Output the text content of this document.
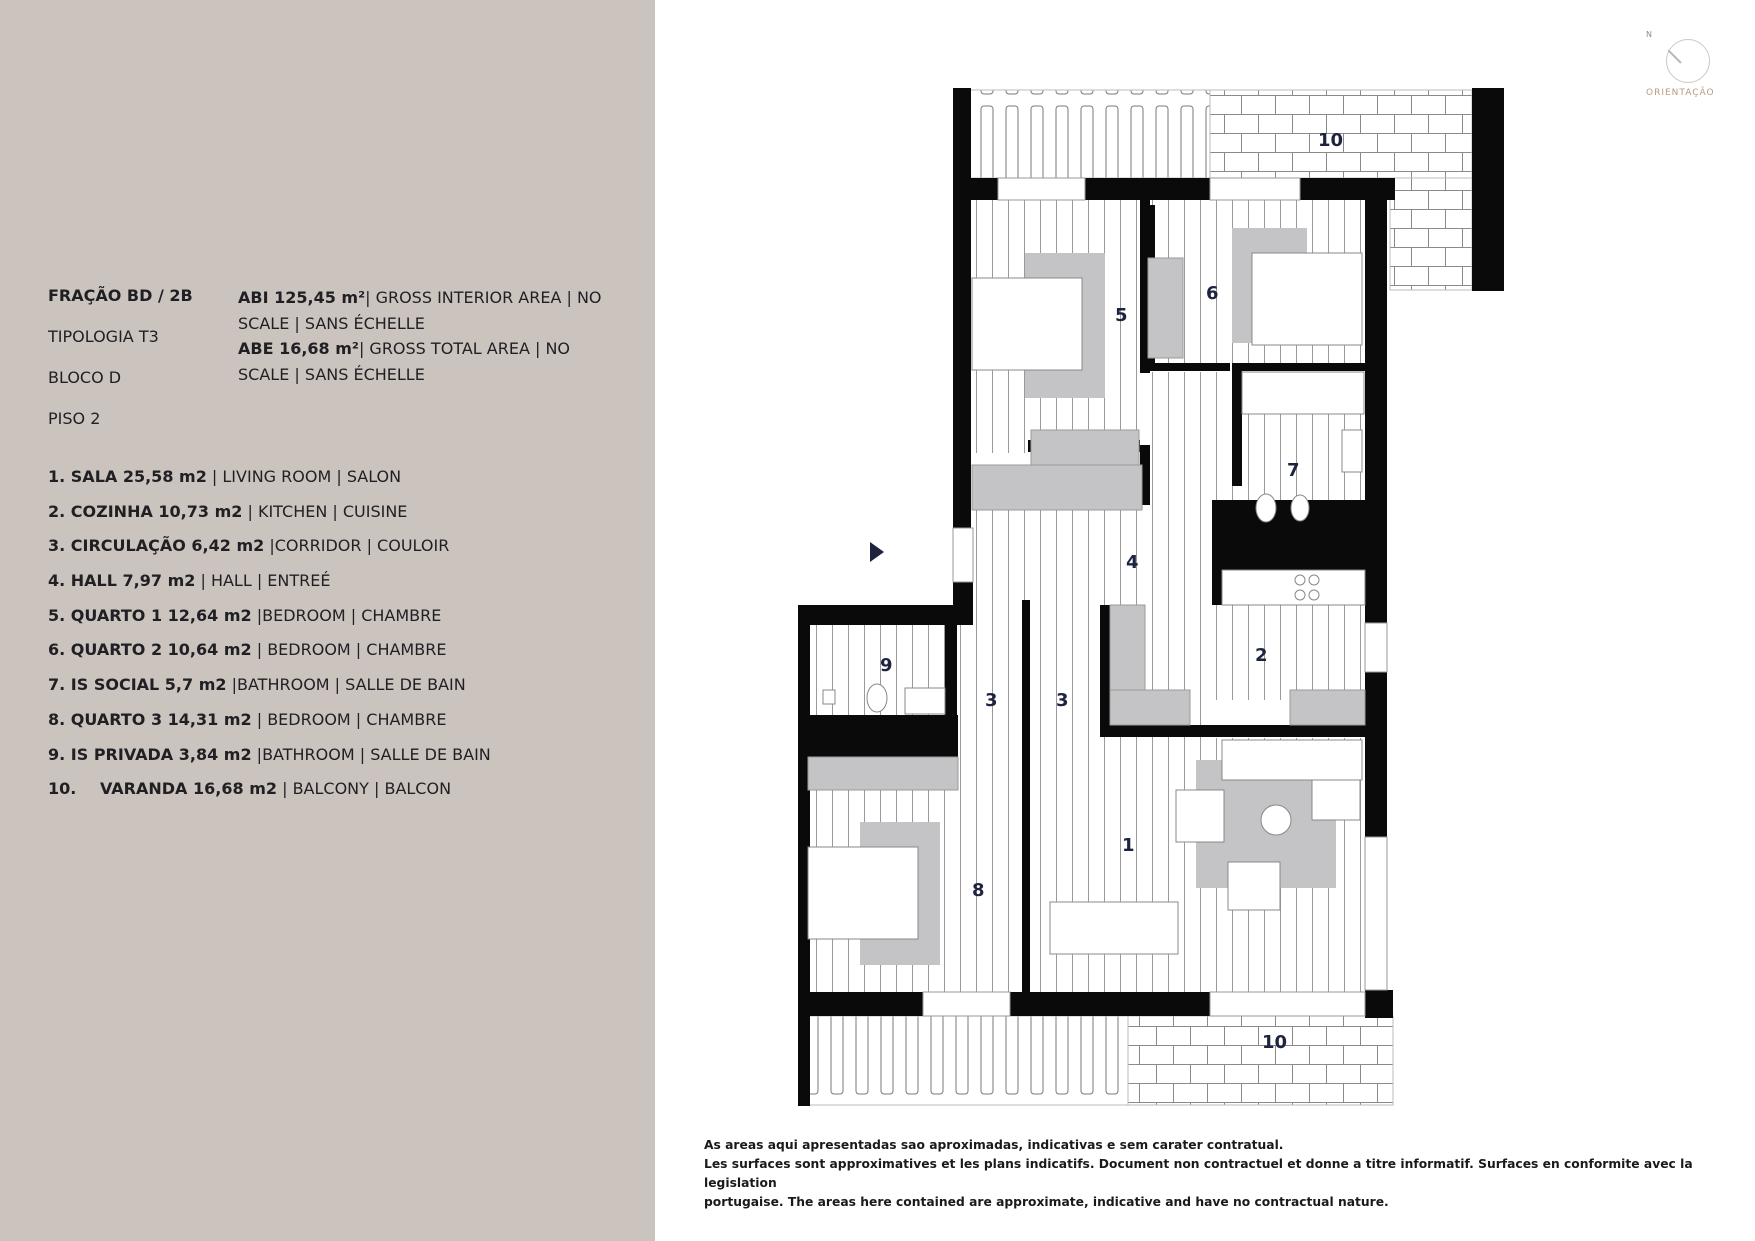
FRAÇÃO BD / 2B
TIPOLOGIA T3
BLOCO D
PISO 2
ABI 125,45 m²| GROSS INTERIOR AREA | NO SCALE | SANS ÉCHELLE
ABE 16,68 m²| GROSS TOTAL AREA | NO SCALE | SANS ÉCHELLE
1. SALA 25,58 m2 | LIVING ROOM | SALON
2. COZINHA 10,73 m2 | KITCHEN | CUISINE
3. CIRCULAÇÃO 6,42 m2 |CORRIDOR | COULOIR
4. HALL 7,97 m2 | HALL | ENTREÉ
5. QUARTO 1 12,64 m2 |BEDROOM | CHAMBRE
6. QUARTO 2 10,64 m2 | BEDROOM | CHAMBRE
7. IS SOCIAL 5,7 m2 |BATHROOM | SALLE DE BAIN
8. QUARTO 3 14,31 m2 | BEDROOM | CHAMBRE
9. IS PRIVADA 3,84 m2 |BATHROOM | SALLE DE BAIN
10. VARANDA 16,68 m2 | BALCONY | BALCON
1
2
3	3
4
5
6
7
8
9
10
10
N
ORIENTAÇÃO
As areas aqui apresentadas sao aproximadas, indicativas e sem carater contratual.
Les surfaces sont approximatives et les plans indicatifs. Document non contractuel et donne a titre informatif. Surfaces en conformite avec la legislation
portugaise. The areas here contained are approximate, indicative and have no contractual nature.
